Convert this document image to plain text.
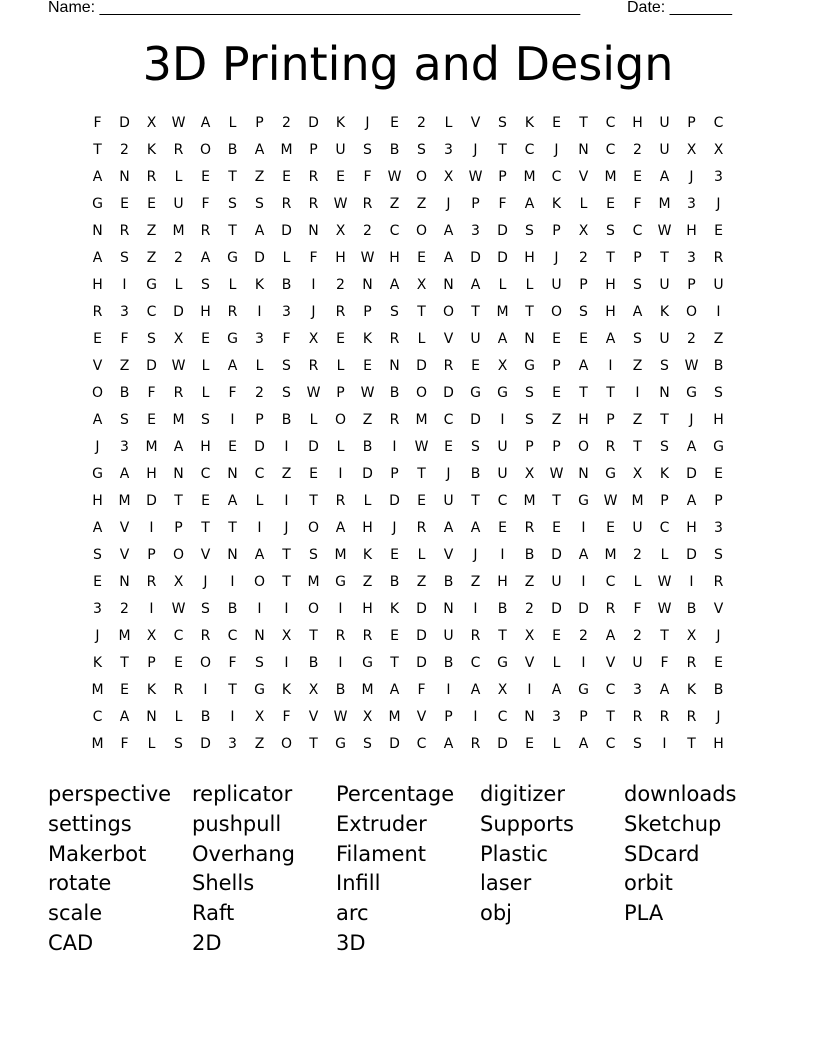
Name: ______________________________________________________	Date: _______
3D Printing and Design
F	D	X	W	A	L	P	2	D	K	J	E	2	L	V	S	K	E	T	C	H	U	P	C
T	2	K	R	O	B	A	M	P	U	S	B	S	3	J	T	C	J	N	C	2	U	X	X
A	N	R	L	E	T	Z	E	R	E	F	W	O	X	W	P	M	C	V	M	E	A	J	3
G	E	E	U	F	S	S	R	R	W	R	Z	Z	J	P	F	A	K	L	E	F	M	3	J
N	R	Z	M	R	T	A	D	N	X	2	C	O	A	3	D	S	P	X	S	C	W	H	E
A	S	Z	2	A	G	D	L	F	H	W	H	E	A	D	D	H	J	2	T	P	T	3	R
H	I	G	L	S	L	K	B	I	2	N	A	X	N	A	L	L	U	P	H	S	U	P	U
R	3	C	D	H	R	I	3	J	R	P	S	T	O	T	M	T	O	S	H	A	K	O	I
E	F	S	X	E	G	3	F	X	E	K	R	L	V	U	A	N	E	E	A	S	U	2	Z
V	Z	D	W	L	A	L	S	R	L	E	N	D	R	E	X	G	P	A	I	Z	S	W	B
O	B	F	R	L	F	2	S	W	P	W	B	O	D	G	G	S	E	T	T	I	N	G	S
A	S	E	M	S	I	P	B	L	O	Z	R	M	C	D	I	S	Z	H	P	Z	T	J	H
J	3	M	A	H	E	D	I	D	L	B	I	W	E	S	U	P	P	O	R	T	S	A	G
G	A	H	N	C	N	C	Z	E	I	D	P	T	J	B	U	X	W	N	G	X	K	D	E
H	M	D	T	E	A	L	I	T	R	L	D	E	U	T	C	M	T	G	W	M	P	A	P
A	V	I	P	T	T	I	J	O	A	H	J	R	A	A	E	R	E	I	E	U	C	H	3
S	V	P	O	V	N	A	T	S	M	K	E	L	V	J	I	B	D	A	M	2	L	D	S
E	N	R	X	J	I	O	T	M	G	Z	B	Z	B	Z	H	Z	U	I	C	L	W	I	R
3	2	I	W	S	B	I	I	O	I	H	K	D	N	I	B	2	D	D	R	F	W	B	V
J	M	X	C	R	C	N	X	T	R	R	E	D	U	R	T	X	E	2	A	2	T	X	J
K	T	P	E	O	F	S	I	B	I	G	T	D	B	C	G	V	L	I	V	U	F	R	E
M	E	K	R	I	T	G	K	X	B	M	A	F	I	A	X	I	A	G	C	3	A	K	B
C	A	N	L	B	I	X	F	V	W	X	M	V	P	I	C	N	3	P	T	R	R	R	J
M	F	L	S	D	3	Z	O	T	G	S	D	C	A	R	D	E	L	A	C	S	I	T	H
perspective
settings
Makerbot
rotate
scale
CAD
replicator
pushpull
Overhang
Shells
Raft
2D
Percentage
Extruder
Filament
Infill
arc
3D
digitizer
Supports
Plastic
laser
obj
downloads
Sketchup
SDcard
orbit
PLA
